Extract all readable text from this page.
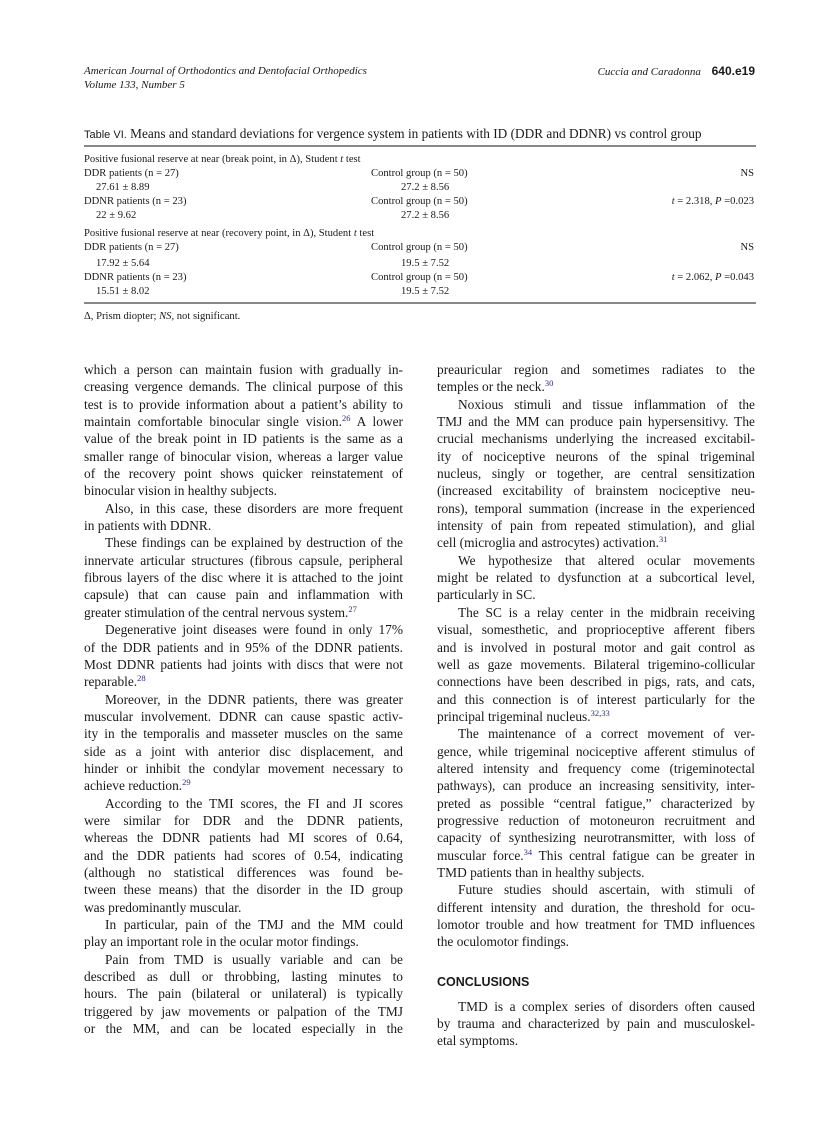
American Journal of Orthodontics and Dentofacial Orthopedics
Volume 133, Number 5
Cuccia and Caradonna 640.e19
Table VI. Means and standard deviations for vergence system in patients with ID (DDR and DDNR) vs control group
Positive fusional reserve at near (break point, in Δ), Student t test
DDR patients (n = 27)	Control group (n = 50)	NS
27.61 ± 8.89	27.2 ± 8.56
DDNR patients (n = 23)	Control group (n = 50)	t = 2.318, P =0.023
22 ± 9.62	27.2 ± 8.56
Positive fusional reserve at near (recovery point, in Δ), Student t test
DDR patients (n = 27)	Control group (n = 50)	NS
17.92 ± 5.64	19.5 ± 7.52
DDNR patients (n = 23)	Control group (n = 50)	t = 2.062, P =0.043
15.51 ± 8.02	19.5 ± 7.52
Δ, Prism diopter; NS, not significant.
which a person can maintain fusion with gradually in-
creasing vergence demands. The clinical purpose of this
test is to provide information about a patient’s ability to
maintain comfortable binocular single vision.$^{26}$ A lower
value of the break point in ID patients is the same as a
smaller range of binocular vision, whereas a larger value
of the recovery point shows quicker reinstatement of
binocular vision in healthy subjects.
Also, in this case, these disorders are more frequent
in patients with DDNR.
These findings can be explained by destruction of the
innervate articular structures (fibrous capsule, peripheral
fibrous layers of the disc where it is attached to the joint
capsule) that can cause pain and inflammation with
greater stimulation of the central nervous system.$^{27}$
Degenerative joint diseases were found in only 17%
of the DDR patients and in 95% of the DDNR patients.
Most DDNR patients had joints with discs that were not
reparable.$^{28}$
Moreover, in the DDNR patients, there was greater
muscular involvement. DDNR can cause spastic activ-
ity in the temporalis and masseter muscles on the same
side as a joint with anterior disc displacement, and
hinder or inhibit the condylar movement necessary to
achieve reduction.$^{29}$
According to the TMI scores, the FI and JI scores
were similar for DDR and the DDNR patients,
whereas the DDNR patients had MI scores of 0.64,
and the DDR patients had scores of 0.54, indicating
(although no statistical differences was found be-
tween these means) that the disorder in the ID group
was predominantly muscular.
In particular, pain of the TMJ and the MM could
play an important role in the ocular motor findings.
Pain from TMD is usually variable and can be
described as dull or throbbing, lasting minutes to
hours. The pain (bilateral or unilateral) is typically
triggered by jaw movements or palpation of the TMJ
or the MM, and can be located especially in the
preauricular region and sometimes radiates to the
temples or the neck.$^{30}$
Noxious stimuli and tissue inflammation of the
TMJ and the MM can produce pain hypersensitivy. The
crucial mechanisms underlying the increased excitabil-
ity of nociceptive neurons of the spinal trigeminal
nucleus, singly or together, are central sensitization
(increased excitability of brainstem nociceptive neu-
rons), temporal summation (increase in the experienced
intensity of pain from repeated stimulation), and glial
cell (microglia and astrocytes) activation.$^{31}$
We hypothesize that altered ocular movements
might be related to dysfunction at a subcortical level,
particularly in SC.
The SC is a relay center in the midbrain receiving
visual, somesthetic, and proprioceptive afferent fibers
and is involved in postural motor and gait control as
well as gaze movements. Bilateral trigemino-collicular
connections have been described in pigs, rats, and cats,
and this connection is of interest particularly for the
principal trigeminal nucleus.$^{32,33}$
The maintenance of a correct movement of ver-
gence, while trigeminal nociceptive afferent stimulus of
altered intensity and frequency come (trigeminotectal
pathways), can produce an increasing sensitivity, inter-
preted as possible “central fatigue,” characterized by
progressive reduction of motoneuron recruitment and
capacity of synthesizing neurotransmitter, with loss of
muscular force.$^{34}$ This central fatigue can be greater in
TMD patients than in healthy subjects.
Future studies should ascertain, with stimuli of
different intensity and duration, the threshold for ocu-
lomotor trouble and how treatment for TMD influences
the oculomotor findings.
CONCLUSIONS
TMD is a complex series of disorders often caused
by trauma and characterized by pain and musculoskel-
etal symptoms.
